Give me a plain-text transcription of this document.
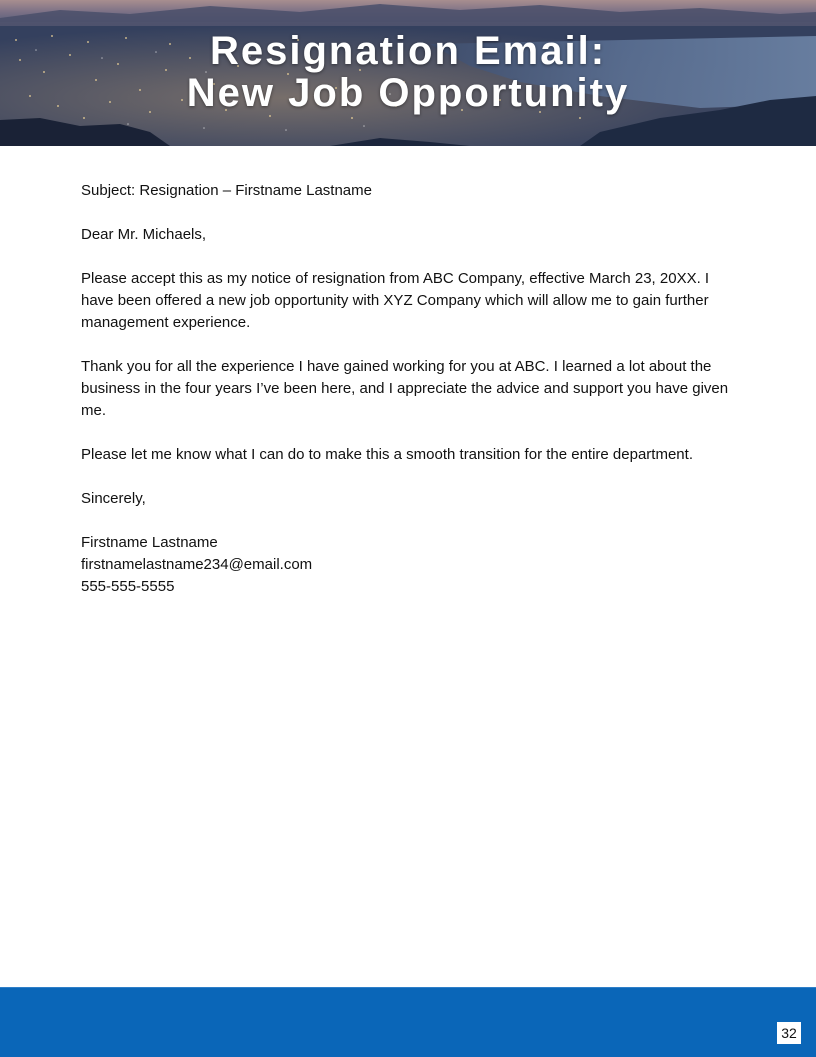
Resignation Email:
New Job Opportunity

Subject: Resignation – Firstname Lastname

Dear Mr. Michaels,

Please accept this as my notice of resignation from ABC Company, effective March 23, 20XX. I have been offered a new job opportunity with XYZ Company which will allow me to gain further management experience.

Thank you for all the experience I have gained working for you at ABC. I learned a lot about the business in the four years I’ve been here, and I appreciate the advice and support you have given me.

Please let me know what I can do to make this a smooth transition for the entire department.

Sincerely,

Firstname Lastname
firstnamelastname234@email.com
555-555-5555
32
